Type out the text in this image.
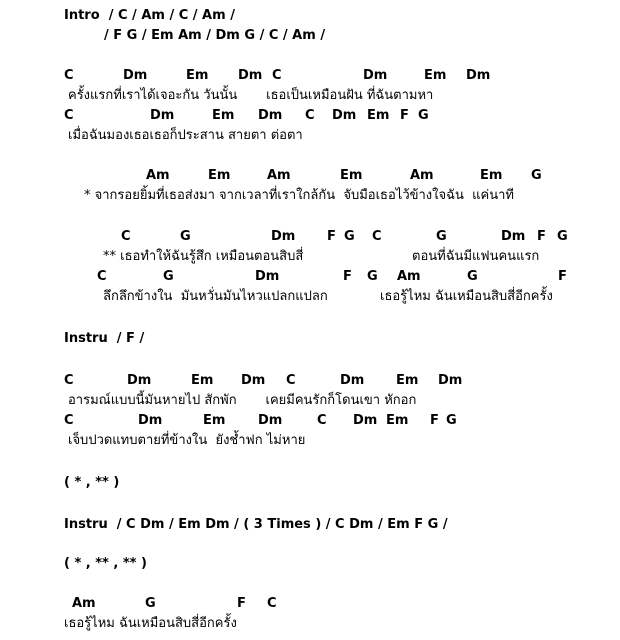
Intro  / C / Am / C / Am /
/ F G / Em Am / Dm G / C / Am /
C	Dm	Em Dm C	Dm	Em Dm
ครั้งแรกที่เราได้เจอะกัน วันนั้น       เธอเป็นเหมือนฝัน ที่ฉันตามหา
C	Dm	Em Dm C Dm Em F G
เมื่อฉันมองเธอเธอก็ประสาน สายตา ต่อตา
Am	Em	Am	Em	Am	Em G
* จากรอยยิ้มที่เธอส่งมา จากเวลาที่เราใกล้กัน  จับมือเธอไว้ข้างใจฉัน  แค่นาที
C	G	Dm F G C	G	Dm F G
** เธอทำให้ฉันรู้สึก เหมือนตอนสิบสี่	ตอนที่ฉันมีแฟนคนแรก
C	G	Dm	F G Am	G	F
ลึกลึกข้างใน  มันหวั่นมันไหวแปลกแปลก	เธอรู้ไหม ฉันเหมือนสิบสี่อีกครั้ง
Instru  / F /
C	Dm	Em Dm C	Dm Em Dm
อารมณ์แบบนี้มันหายไป สักพัก       เคยมีคนรักก็โดนเขา หักอก
C	Dm	Em	Dm	C Dm Em F G
เจ็บปวดแทบตายที่ข้างใน  ยังช้ำฟก ไม่หาย
( * , ** )
Instru  / C Dm / Em Dm / ( 3 Times ) / C Dm / Em F G /
( * , ** , ** )
Am	G	F C
เธอรู้ไหม ฉันเหมือนสิบสี่อีกครั้ง
